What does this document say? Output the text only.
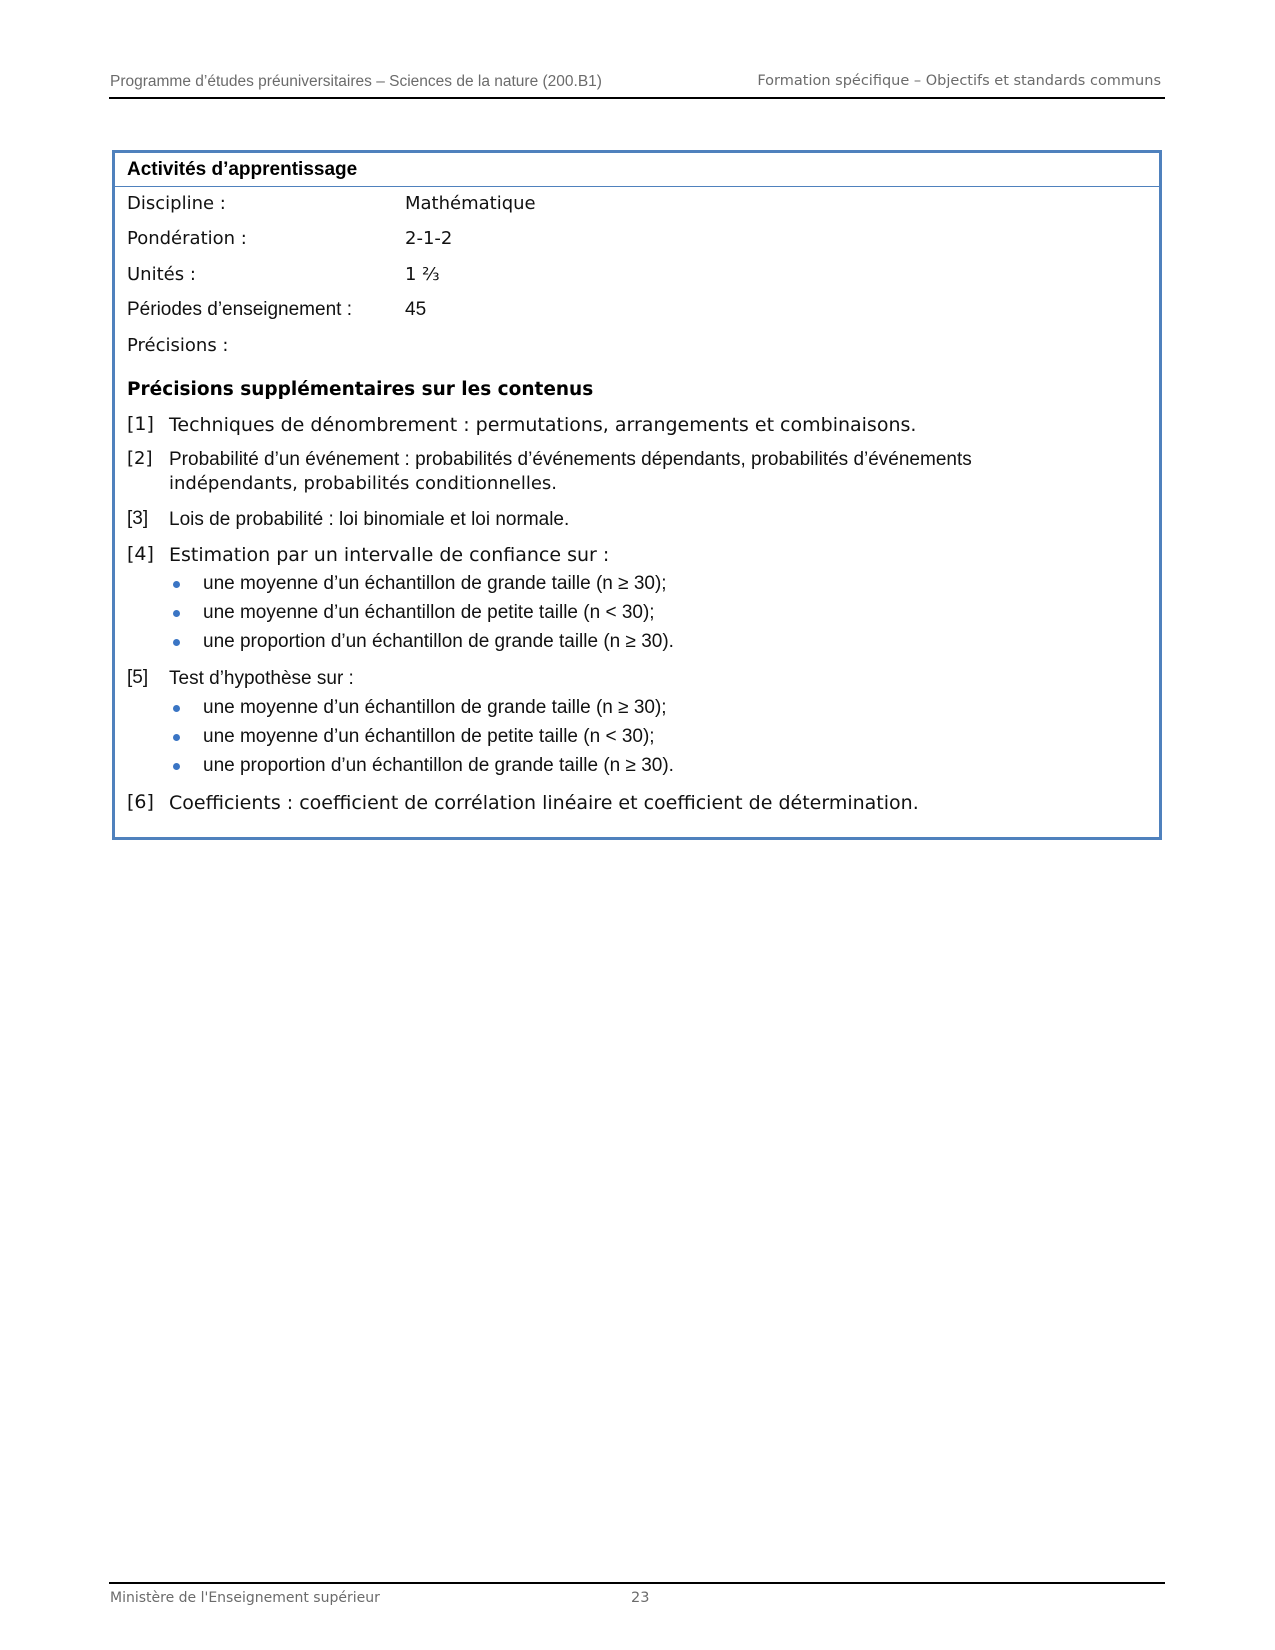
Programme d’études préuniversitaires – Sciences de la nature (200.B1)	Formation spécifique – Objectifs et standards communs
Activités d’apprentissage
Discipline :	Mathématique
Pondération :	2-1-2
Unités :	1 ⅔
Périodes d’enseignement :	45
Précisions :
Précisions supplémentaires sur les contenus
[1] Techniques de dénombrement : permutations, arrangements et combinaisons.
[2] Probabilité d’un événement : probabilités d’événements dépendants, probabilités d’événements
indépendants, probabilités conditionnelles.
[3] Lois de probabilité : loi binomiale et loi normale.
[4] Estimation par un intervalle de confiance sur :
une moyenne d’un échantillon de grande taille (n ≥ 30);
une moyenne d’un échantillon de petite taille (n < 30);
une proportion d’un échantillon de grande taille (n ≥ 30).
[5] Test d’hypothèse sur :
une moyenne d’un échantillon de grande taille (n ≥ 30);
une moyenne d’un échantillon de petite taille (n < 30);
une proportion d’un échantillon de grande taille (n ≥ 30).
[6] Coefficients : coefficient de corrélation linéaire et coefficient de détermination.
Ministère de l'Enseignement supérieur	23
